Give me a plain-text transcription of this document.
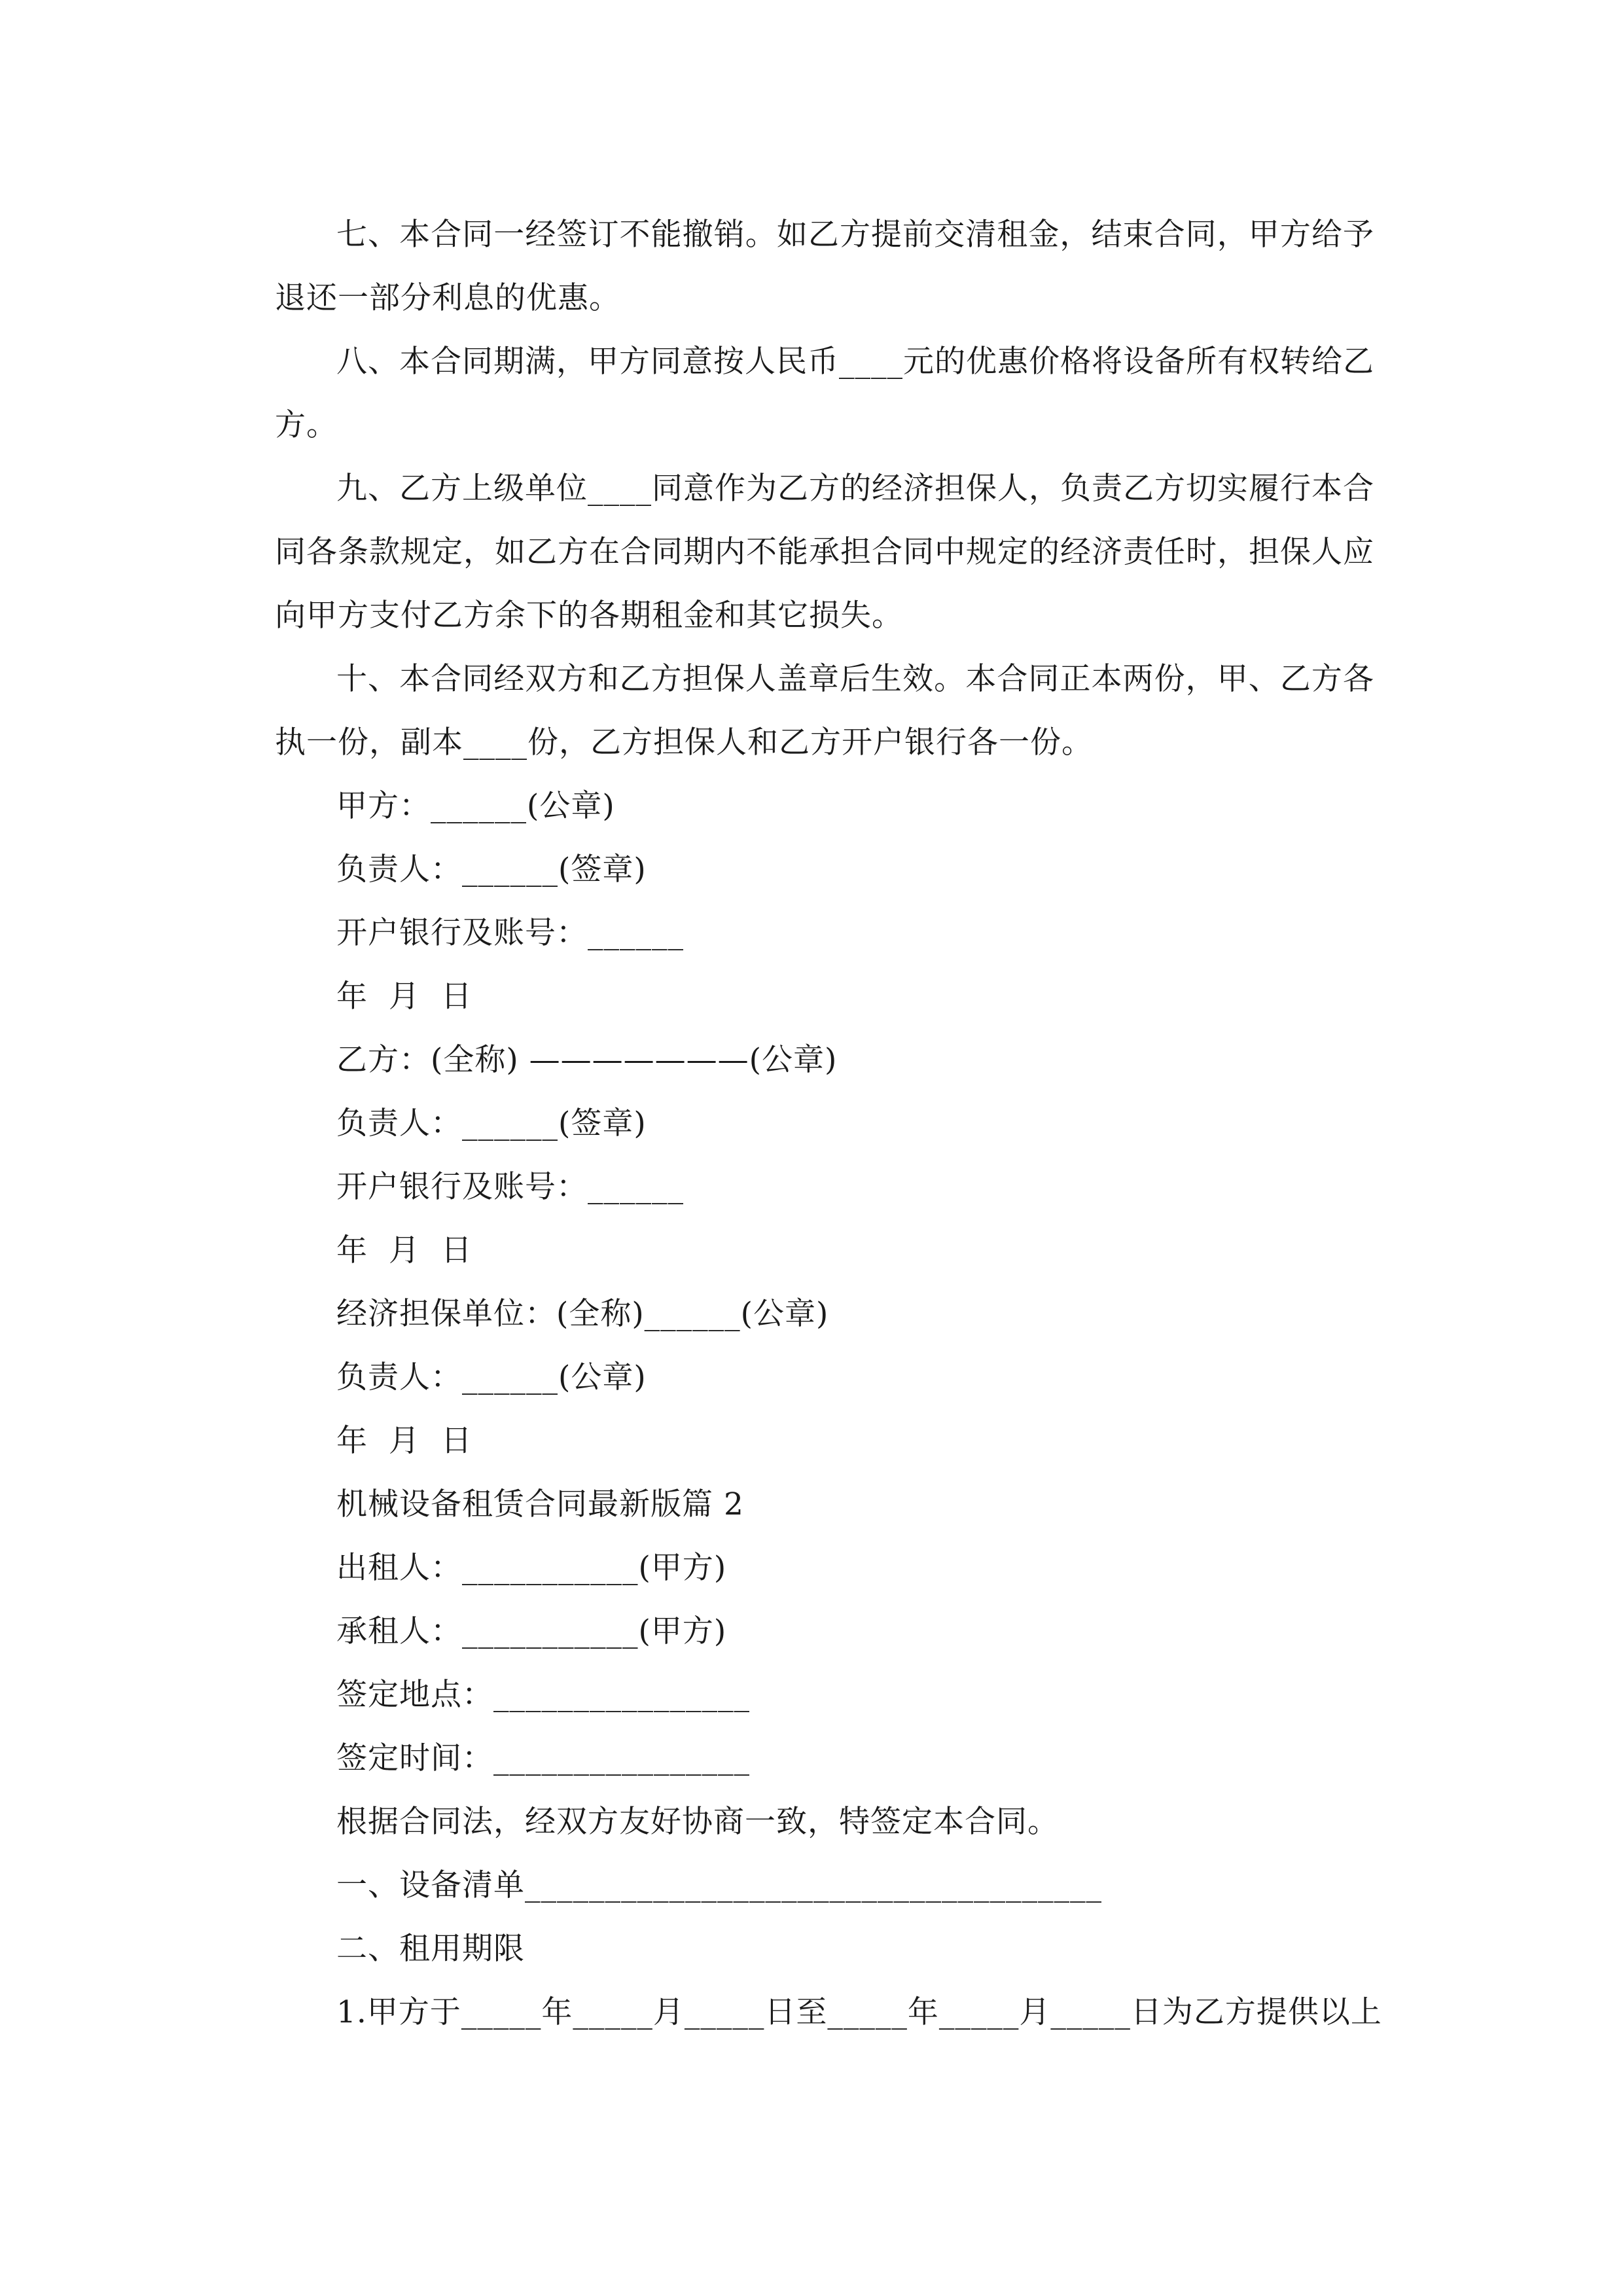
七、本合同一经签订不能撤销。如乙方提前交清租金，结束合同，甲方给予退还一部分利息的优惠。

八、本合同期满，甲方同意按人民币____元的优惠价格将设备所有权转给乙方。

九、乙方上级单位____同意作为乙方的经济担保人，负责乙方切实履行本合同各条款规定，如乙方在合同期内不能承担合同中规定的经济责任时，担保人应向甲方支付乙方余下的各期租金和其它损失。

十、本合同经双方和乙方担保人盖章后生效。本合同正本两份，甲、乙方各执一份，副本____份，乙方担保人和乙方开户银行各一份。

甲方：______(公章)

负责人：______(签章)

开户银行及账号：______

年  月  日

乙方：(全称) ———————(公章)

负责人：______(签章)

开户银行及账号：______

年  月  日

经济担保单位：(全称)______(公章)

负责人：______(公章)

年  月  日

机械设备租赁合同最新版篇 2

出租人：___________(甲方)

承租人：___________(甲方)

签定地点：________________

签定时间：________________

根据合同法，经双方友好协商一致，特签定本合同。

一、设备清单____________________________________

二、租用期限

1.甲方于_____年_____月_____日至_____年_____月_____日为乙方提供以上
